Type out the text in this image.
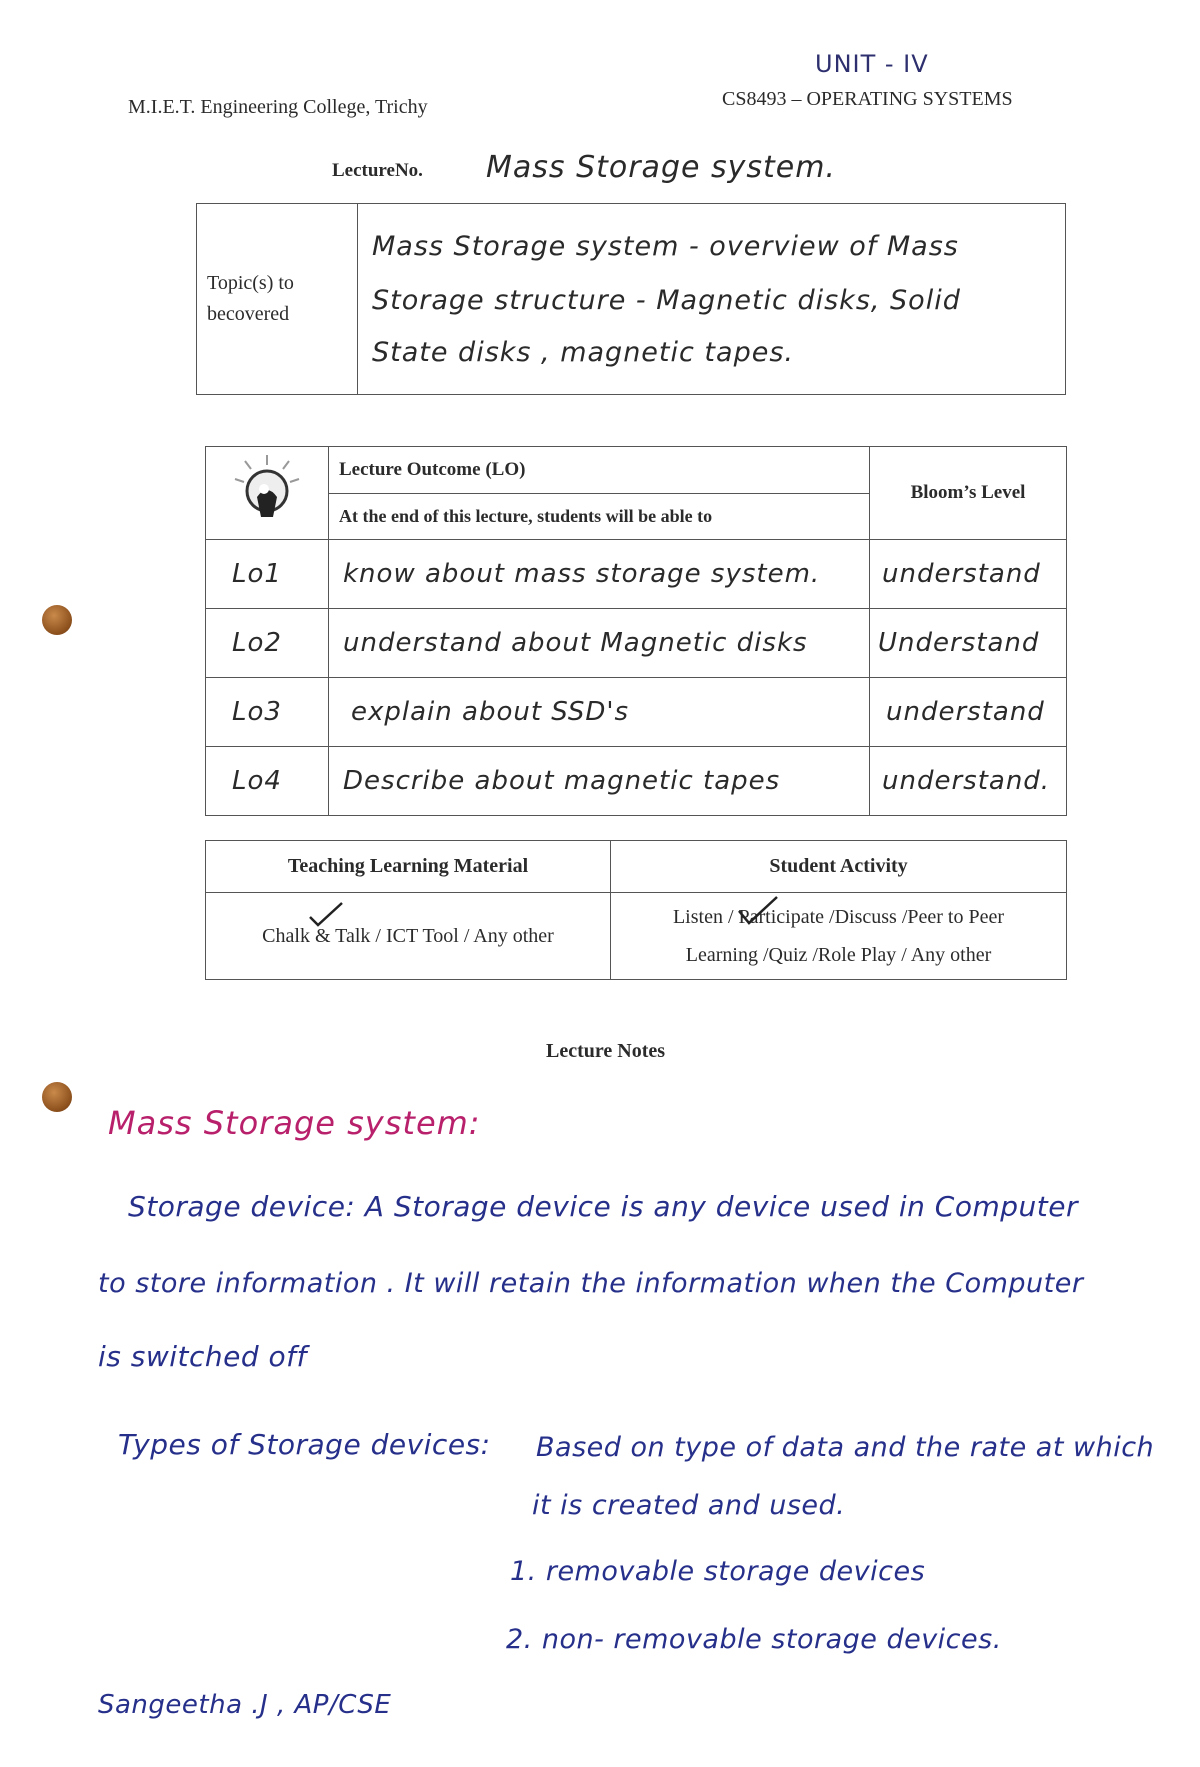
UNIT - IV
M.I.E.T. Engineering College, Trichy	CS8493 – OPERATING SYSTEMS
LectureNo. Mass Storage system.
Topic(s) to
becovered

Mass Storage system - overview of Mass
Storage structure - Magnetic disks, Solid
State disks , magnetic tapes.
	Lecture Outcome (LO)	Bloom’s Level
	At the end of this lecture, students will be able to	
Lo1	know about mass storage system.	understand
Lo2	understand about Magnetic disks	Understand
Lo3	explain about SSD's	understand
Lo4	Describe about magnetic tapes	understand.
Teaching Learning Material	Student Activity
Chalk & Talk / ICT Tool / Any other	Listen / Participate /Discuss /Peer to Peer
Learning /Quiz /Role Play / Any other
Lecture Notes
Mass Storage system:
Storage device: A Storage device is any device used in Computer
to store information . It will retain the information when the Computer
is switched off
Types of Storage devices: Based on type of data and the rate at which
it is created and used.
1. removable storage devices
2. non- removable storage devices.
Sangeetha .J , AP/CSE
